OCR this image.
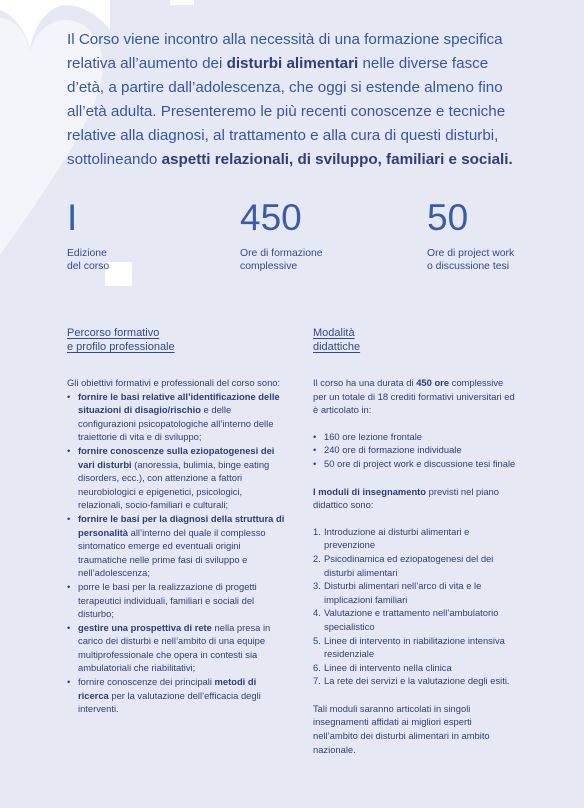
Il Corso viene incontro alla necessità di una formazione specifica relativa all’aumento dei disturbi alimentari nelle diverse fasce d’età, a partire dall’adolescenza, che oggi si estende almeno fino all’età adulta. Presenteremo le più recenti conoscenze e tecniche relative alla diagnosi, al trattamento e alla cura di questi disturbi, sottolineando aspetti relazionali, di sviluppo, familiari e sociali.
I
Edizione
del corso
450
Ore di formazione
complessive
50
Ore di project work
o discussione tesi
Percorso formativo
e profilo professionale

Gli obiettivi formativi e professionali del corso sono:

• fornire le basi relative all’identificazione delle situazioni di disagio/rischio e delle configurazioni psicopatologiche all’interno delle traiettorie di vita e di sviluppo;
• fornire conoscenze sulla eziopatogenesi dei vari disturbi (anoressia, bulimia, binge eating disorders, ecc.), con attenzione a fattori neurobiologici e epigenetici, psicologici, relazionali, socio-familiari e culturali;
• fornire le basi per la diagnosi della struttura di personalità all’interno del quale il complesso sintomatico emerge ed eventuali origini traumatiche nelle prime fasi di sviluppo e nell’adolescenza;
• porre le basi per la realizzazione di progetti terapeutici individuali, familiari e sociali del disturbo;
• gestire una prospettiva di rete nella presa in carico dei disturbi e nell’ambito di una equipe multiprofessionale che opera in contesti sia ambulatoriali che riabilitativi;
• fornire conoscenze dei principali metodi di ricerca per la valutazione dell’efficacia degli interventi.
Modalità
didattiche

Il corso ha una durata di 450 ore complessive per un totale di 18 crediti formativi universitari ed è articolato in:

• 160 ore lezione frontale
• 240 ore di formazione individuale
• 50 ore di project work e discussione tesi finale

I moduli di insegnamento previsti nel piano didattico sono:

1. Introduzione ai disturbi alimentari e prevenzione
2. Psicodinamica ed eziopatogenesi del dei disturbi alimentari
3. Disturbi alimentari nell’arco di vita e le implicazioni familiari
4. Valutazione e trattamento nell’ambulatorio specialistico
5. Linee di intervento in riabilitazione intensiva residenziale
6. Linee di intervento nella clinica
7. La rete dei servizi e la valutazione degli esiti.

Tali moduli saranno articolati in singoli insegnamenti affidati ai migliori esperti nell’ambito dei disturbi alimentari in ambito nazionale.
